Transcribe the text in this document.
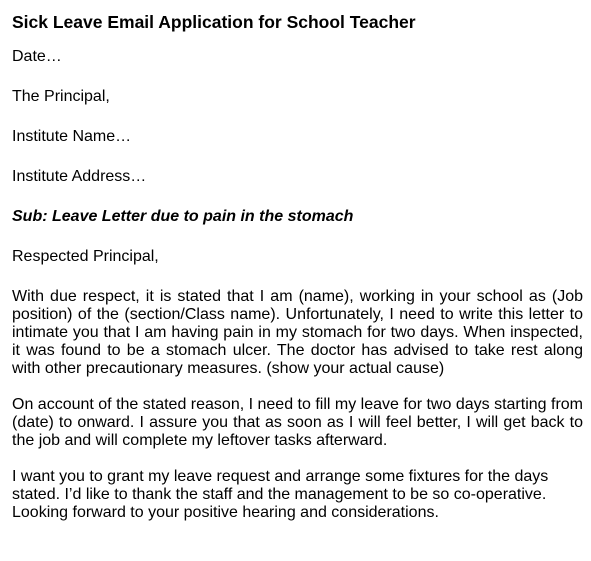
Sick Leave Email Application for School Teacher
Date…
The Principal,
Institute Name…
Institute Address…
Sub: Leave Letter due to pain in the stomach
Respected Principal,
With due respect, it is stated that I am (name), working in your school as (Job position) of the (section/Class name). Unfortunately, I need to write this letter to intimate you that I am having pain in my stomach for two days. When inspected, it was found to be a stomach ulcer. The doctor has advised to take rest along with other precautionary measures. (show your actual cause)
On account of the stated reason, I need to fill my leave for two days starting from (date) to onward. I assure you that as soon as I will feel better, I will get back to the job and will complete my leftover tasks afterward.
I want you to grant my leave request and arrange some fixtures for the days stated. I’d like to thank the staff and the management to be so co-operative. Looking forward to your positive hearing and considerations.
